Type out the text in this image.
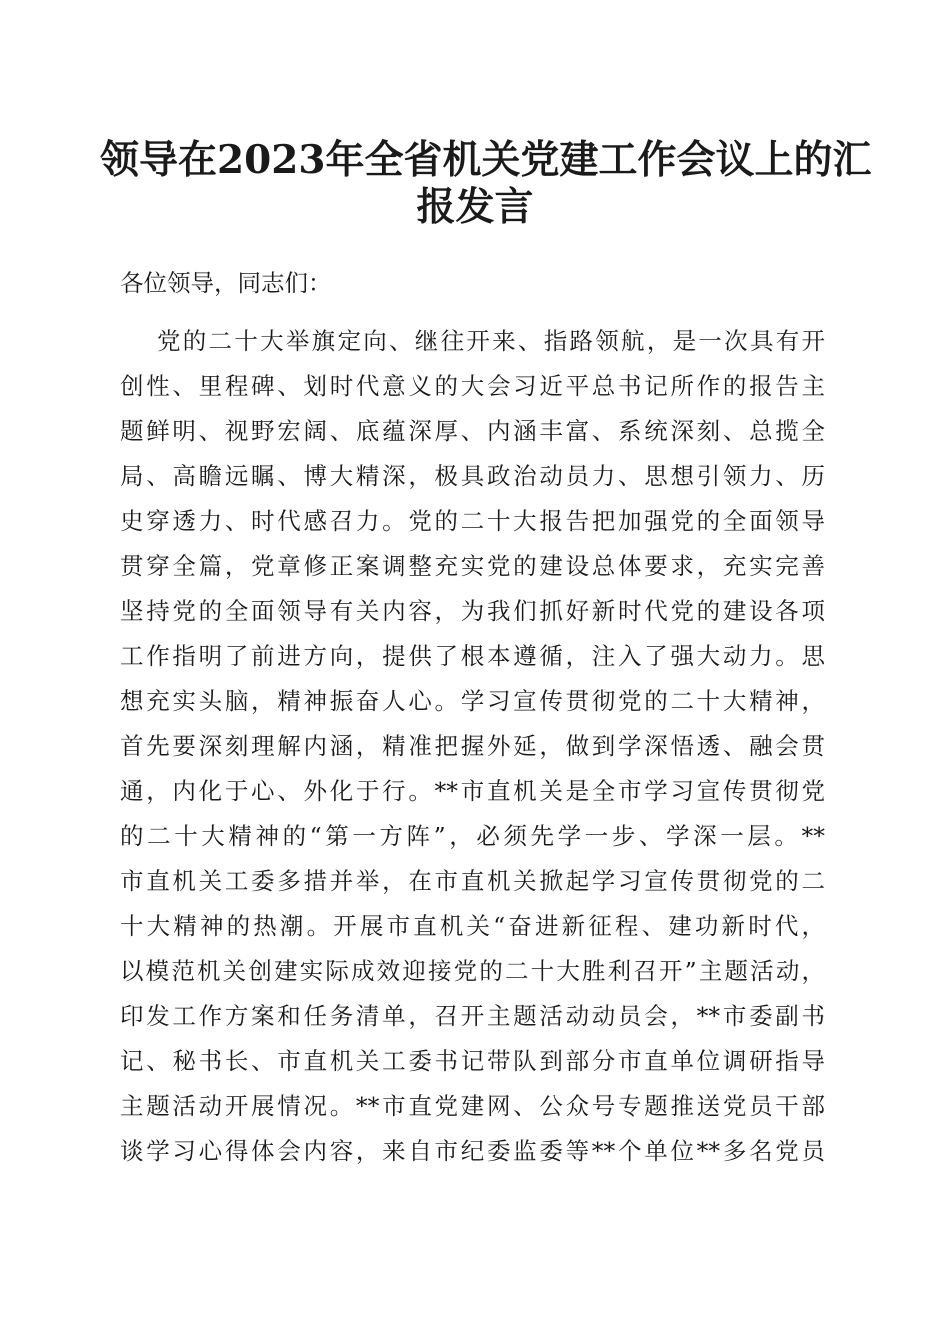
领导在2023年全省机关党建工作会议上的汇
报发言
各位领导，同志们：
党的二十大举旗定向、继往开来、指路领航，是一次具有开
创性、里程碑、划时代意义的大会习近平总书记所作的报告主
题鲜明、视野宏阔、底蕴深厚、内涵丰富、系统深刻、总揽全
局、高瞻远瞩、博大精深，极具政治动员力、思想引领力、历
史穿透力、时代感召力。党的二十大报告把加强党的全面领导
贯穿全篇，党章修正案调整充实党的建设总体要求，充实完善
坚持党的全面领导有关内容，为我们抓好新时代党的建设各项
工作指明了前进方向，提供了根本遵循，注入了强大动力。思
想充实头脑，精神振奋人心。学习宣传贯彻党的二十大精神，
首先要深刻理解内涵，精准把握外延，做到学深悟透、融会贯
通，内化于心、外化于行。**市直机关是全市学习宣传贯彻党
的二十大精神的“第一方阵”，必须先学一步、学深一层。**
市直机关工委多措并举，在市直机关掀起学习宣传贯彻党的二
十大精神的热潮。开展市直机关“奋进新征程、建功新时代，
以模范机关创建实际成效迎接党的二十大胜利召开”主题活动，
印发工作方案和任务清单，召开主题活动动员会，**市委副书
记、秘书长、市直机关工委书记带队到部分市直单位调研指导
主题活动开展情况。**市直党建网、公众号专题推送党员干部
谈学习心得体会内容，来自市纪委监委等**个单位**多名党员
